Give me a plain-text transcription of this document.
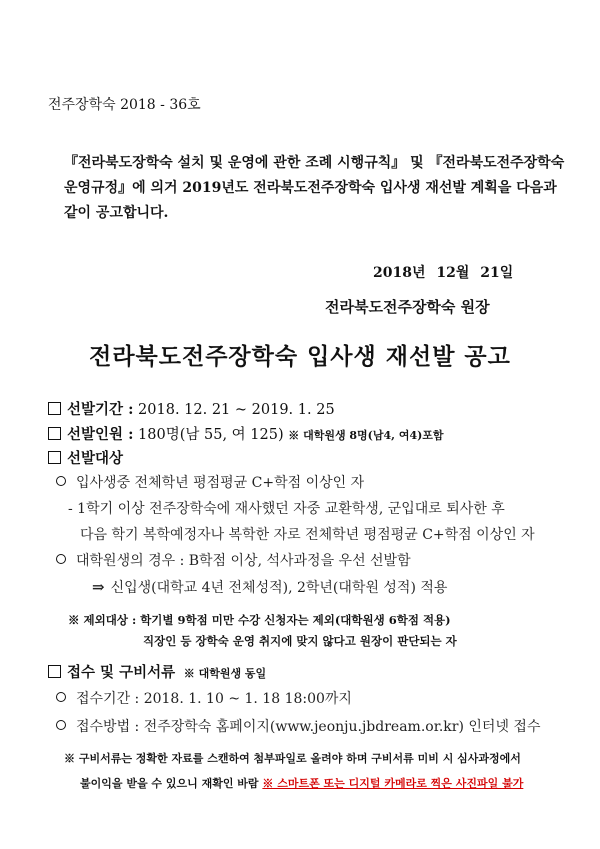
전주장학숙 2018 - 36호
『전라북도장학숙 설치 및 운영에 관한 조례 시행규칙』 및 『전라북도전주장학숙
운영규정』에 의거 2019년도 전라북도전주장학숙 입사생 재선발 계획을 다음과
같이 공고합니다.
2018년 12월 21일
전라북도전주장학숙 원장
전라북도전주장학숙 입사생 재선발 공고
선발기간 : 2018. 12. 21 ~ 2019. 1. 25
선발인원 : 180명(남 55, 여 125) ※ 대학원생 8명(남4, 여4)포함
선발대상
입사생중 전체학년 평점평균 C+학점 이상인 자
- 1학기 이상 전주장학숙에 재사했던 자중 교환학생, 군입대로 퇴사한 후
다음 학기 복학예정자나 복학한 자로 전체학년 평점평균 C+학점 이상인 자
대학원생의 경우 : B학점 이상, 석사과정을 우선 선발함
⇒ 신입생(대학교 4년 전체성적), 2학년(대학원 성적) 적용
※ 제외대상 : 학기별 9학점 미만 수강 신청자는 제외(대학원생 6학점 적용)
직장인 등 장학숙 운영 취지에 맞지 않다고 원장이 판단되는 자
접수 및 구비서류 ※ 대학원생 동일
접수기간 : 2018. 1. 10 ~ 1. 18 18:00까지
접수방법 : 전주장학숙 홈페이지(www.jeonju.jbdream.or.kr) 인터넷 접수
※ 구비서류는 정확한 자료를 스캔하여 첨부파일로 올려야 하며 구비서류 미비 시 심사과정에서
불이익을 받을 수 있으니 재확인 바람 ※ 스마트폰 또는 디지털 카메라로 찍은 사진파일 불가
